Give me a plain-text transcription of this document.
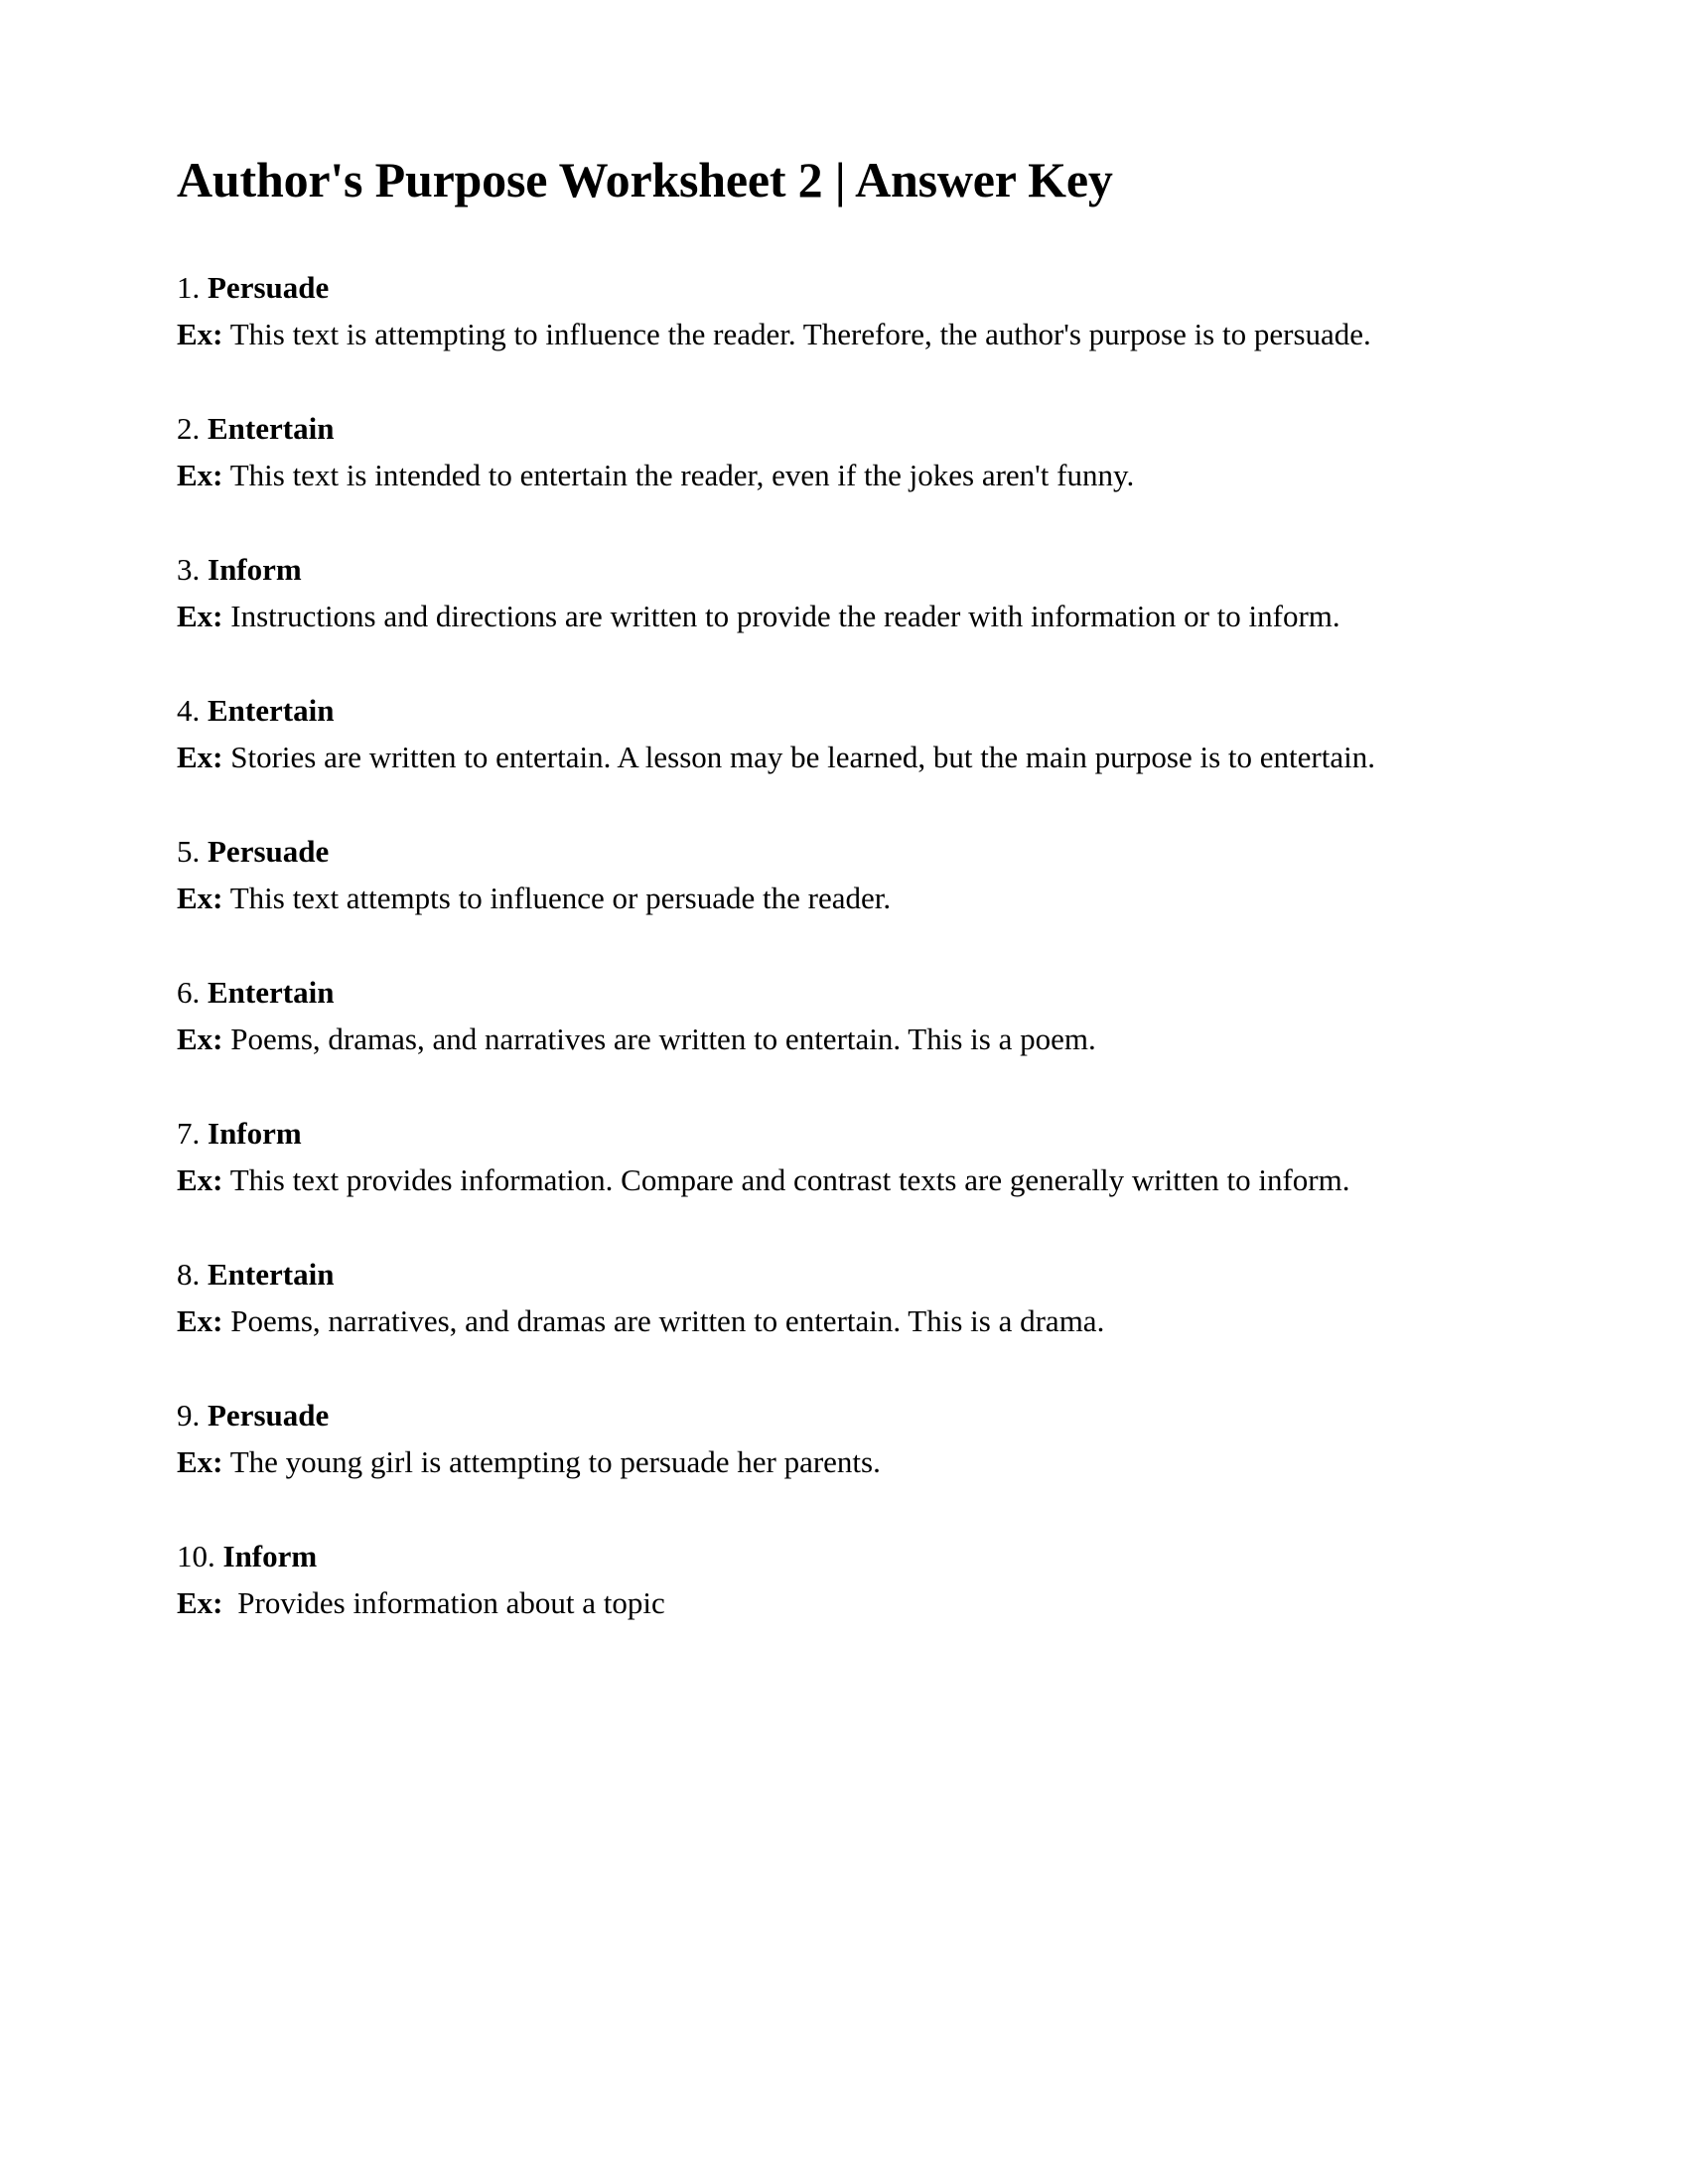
Author's Purpose Worksheet 2 | Answer Key

1. Persuade

Ex: This text is attempting to influence the reader. Therefore, the author's purpose is to persuade.

2. Entertain

Ex: This text is intended to entertain the reader, even if the jokes aren't funny.

3. Inform

Ex: Instructions and directions are written to provide the reader with information or to inform.

4. Entertain

Ex: Stories are written to entertain. A lesson may be learned, but the main purpose is to entertain.

5. Persuade

Ex: This text attempts to influence or persuade the reader.

6. Entertain

Ex: Poems, dramas, and narratives are written to entertain. This is a poem.

7. Inform

Ex: This text provides information. Compare and contrast texts are generally written to inform.

8. Entertain

Ex: Poems, narratives, and dramas are written to entertain. This is a drama.

9. Persuade

Ex: The young girl is attempting to persuade her parents.

10. Inform

Ex: Provides information about a topic
